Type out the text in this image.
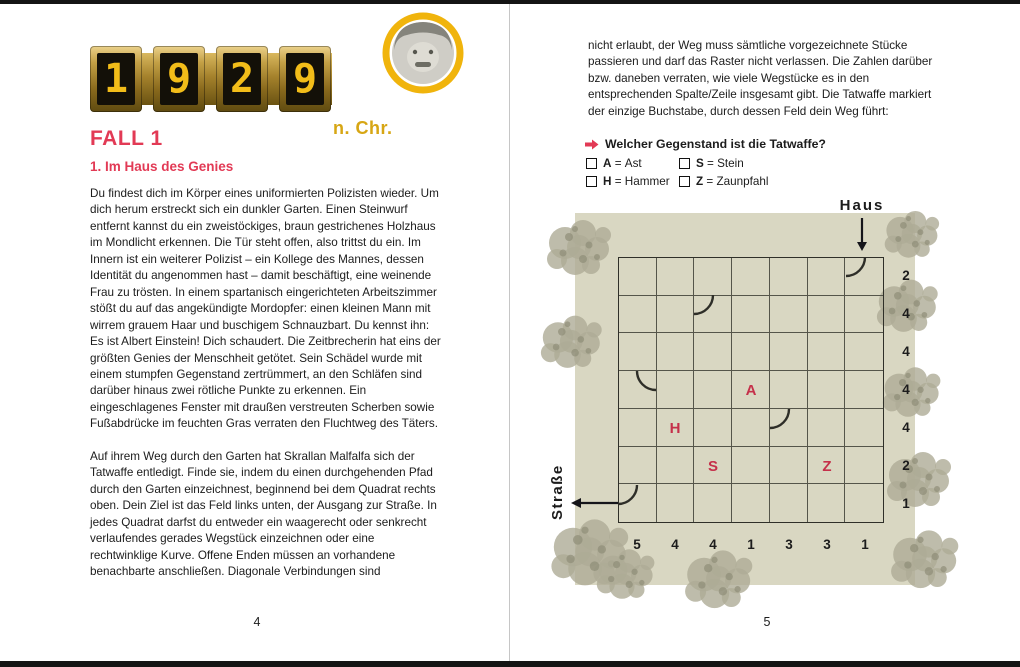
1 9 2 9
n. Chr.
FALL 1
1. Im Haus des Genies

Du findest dich im Körper eines uniformierten Polizisten wieder. Um dich herum erstreckt sich ein dunkler Garten. Einen Steinwurf entfernt kannst du ein zweistöckiges, braun gestrichenes Holzhaus im Mondlicht erkennen. Die Tür steht offen, also trittst du ein. Im Innern ist ein weiterer Polizist – ein Kollege des Mannes, dessen Identität du angenommen hast – damit beschäftigt, eine weinende Frau zu trösten. In einem spartanisch eingerichteten Arbeitszimmer stößt du auf das angekündigte Mordopfer: einen kleinen Mann mit wirrem grauem Haar und buschigem Schnauzbart. Du kennst ihn: Es ist Albert Einstein! Dich schaudert. Die Zeitbrecherin hat eins der größten Genies der Menschheit getötet. Sein Schädel wurde mit einem stumpfen Gegenstand zertrümmert, an den Schläfen sind darüber hinaus zwei rötliche Punkte zu erkennen. Ein eingeschlagenes Fenster mit draußen verstreuten Scherben sowie Fußabdrücke im feuchten Gras verraten den Fluchtweg des Täters.

Auf ihrem Weg durch den Garten hat Skrallan Malfalfa sich der Tatwaffe entledigt. Finde sie, indem du einen durchgehenden Pfad durch den Garten einzeichnest, beginnend bei dem Quadrat rechts oben. Dein Ziel ist das Feld links unten, der Ausgang zur Straße. In jedes Quadrat darfst du entweder ein waagerecht oder senkrecht verlaufendes gerades Wegstück einzeichnen oder eine rechtwinklige Kurve. Offene Enden müssen an vorhandene benachbarte anschließen. Diagonale Verbindungen sind

4

nicht erlaubt, der Weg muss sämtliche vorgezeichnete Stücke passieren und darf das Raster nicht verlassen. Die Zahlen darüber bzw. daneben verraten, wie viele Wegstücke es in den entsprechenden Spalte/Zeile insgesamt gibt. Die Tatwaffe markiert der einzige Buchstabe, durch dessen Feld dein Weg führt:

Welcher Gegenstand ist die Tatwaffe?
A = Ast	S = Stein
H = Hammer Z = Zaunpfahl
Haus
Straße
A
H
S	Z
2
4
4
4
4
2
1
5	4	4	1	3	3	1
5
